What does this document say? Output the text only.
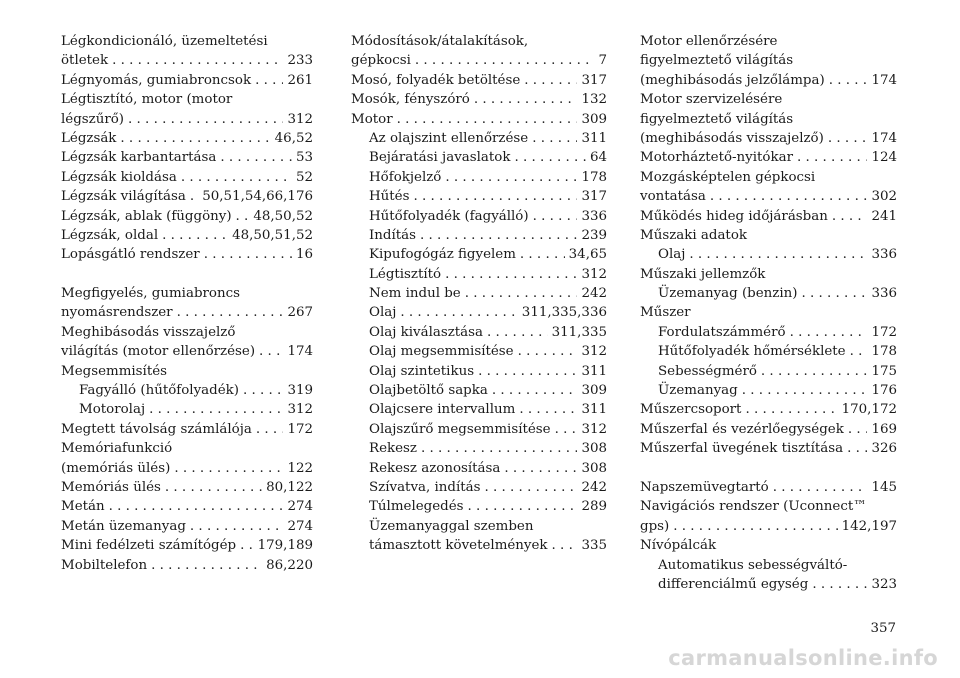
Légkondicionáló, üzemeltetési
ötletek . . .	233
Légnyomás, gumiabroncsok . . .	261
Légtisztító, motor (motor
légszűrő) . . .	312
Légzsák . . .	46,52
Légzsák karbantartása . . .	53
Légzsák kioldása . . .	52
Légzsák világítása . . . 50,51,54,66,176
Légzsák, ablak (függöny) . . . 48,50,52
Légzsák, oldal . . .	48,50,51,52
Lopásgátló rendszer . . .	16
Megfigyelés, gumiabroncs
nyomásrendszer . . .	267
Meghibásodás visszajelző
világítás (motor ellenőrzése) . . . 174
Megsemmisítés
Fagyálló (hűtőfolyadék) . . .	319
Motorolaj . . .	312
Megtett távolság számlálója . . .	172
Memóriafunkció
(memóriás ülés) . . .	122
Memóriás ülés . . .	80,122
Metán . . .	274
Metán üzemanyag . . .	274
Mini fedélzeti számítógép . . . 179,189
Mobiltelefon . . .	86,220
Módosítások/átalakítások,
gépkocsi . . .	7
Mosó, folyadék betöltése . . .	317
Mosók, fényszóró . . .	132
Motor . . .	309
Az olajszint ellenőrzése . . .	311
Bejáratási javaslatok . . .	64
Hőfokjelző . . .	178
Hűtés . . .	317
Hűtőfolyadék (fagyálló) . . .	336
Indítás . . .	239
Kipufogógáz figyelem . . .	34,65
Légtisztító . . .	312
Nem indul be . . .	242
Olaj . . .	311,335,336
Olaj kiválasztása . . .	311,335
Olaj megsemmisítése . . .	312
Olaj szintetikus . . .	311
Olajbetöltő sapka . . .	309
Olajcsere intervallum . . .	311
Olajszűrő megsemmisítése . . . 312
Rekesz . . .	308
Rekesz azonosítása . . .	308
Szívatva, indítás . . .	242
Túlmelegedés . . .	289
Üzemanyaggal szemben
támasztott követelmények . . .	335
Motor ellenőrzésére
figyelmeztető világítás
(meghibásodás jelzőlámpa) . . .	174
Motor szervizelésére
figyelmeztető világítás
(meghibásodás visszajelző) . . .	174
Motorháztető-nyitókar . . .	124
Mozgásképtelen gépkocsi
vontatása . . .	302
Működés hideg időjárásban . . .	241
Műszaki adatok
Olaj . . .	336
Műszaki jellemzők
Üzemanyag (benzin) . . .	336
Műszer
Fordulatszámmérő . . .	172
Hűtőfolyadék hőmérséklete . . . 178
Sebességmérő . . .	175
Üzemanyag . . .	176
Műszercsoport . . .	170,172
Műszerfal és vezérlőegységek . . . 169
Műszerfal üvegének tisztítása . . . 326
Napszemüvegtartó . . .	145
Navigációs rendszer (Uconnect™
gps) . . .	142,197
Nívópálcák
Automatikus sebességváltó-
differenciálmű egység . . .	323
357
carmanualsonline.info
